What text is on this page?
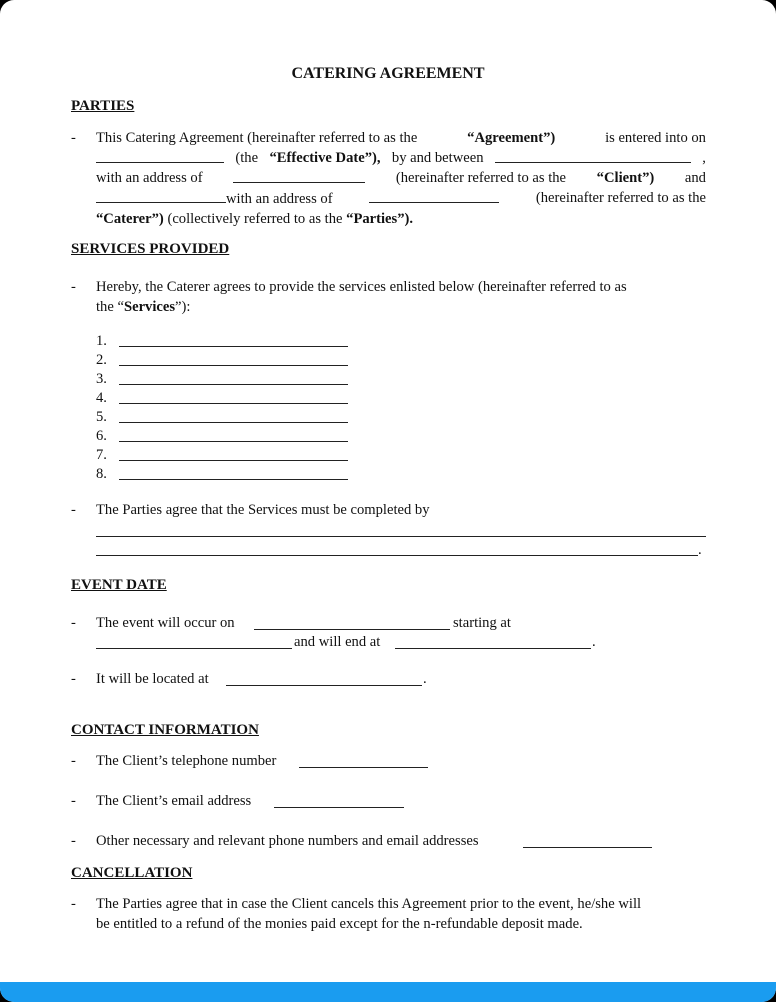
CATERING AGREEMENT
PARTIES
- This Catering Agreement (hereinafter referred to as the	“Agreement”)	is entered into on
(the “Effective Date”), by and between	,
with an address of	(hereinafter referred to as the “Client”) and
with an address of	(hereinafter referred to as the
“Caterer”) (collectively referred to as the “Parties”).
SERVICES PROVIDED
- Hereby, the Caterer agrees to provide the services enlisted below (hereinafter referred to as
the “Services”):
1.
2.
3.
4.
5.
6.
7.
8.
- The Parties agree that the Services must be completed by
.
EVENT DATE
- The event will occur on	starting at
and will end at	.
- It will be located at	.
CONTACT INFORMATION
- The Client’s telephone number
- The Client’s email address
- Other necessary and relevant phone numbers and email addresses
CANCELLATION
- The Parties agree that in case the Client cancels this Agreement prior to the event, he/she will
be entitled to a refund of the monies paid except for the n-refundable deposit made.
